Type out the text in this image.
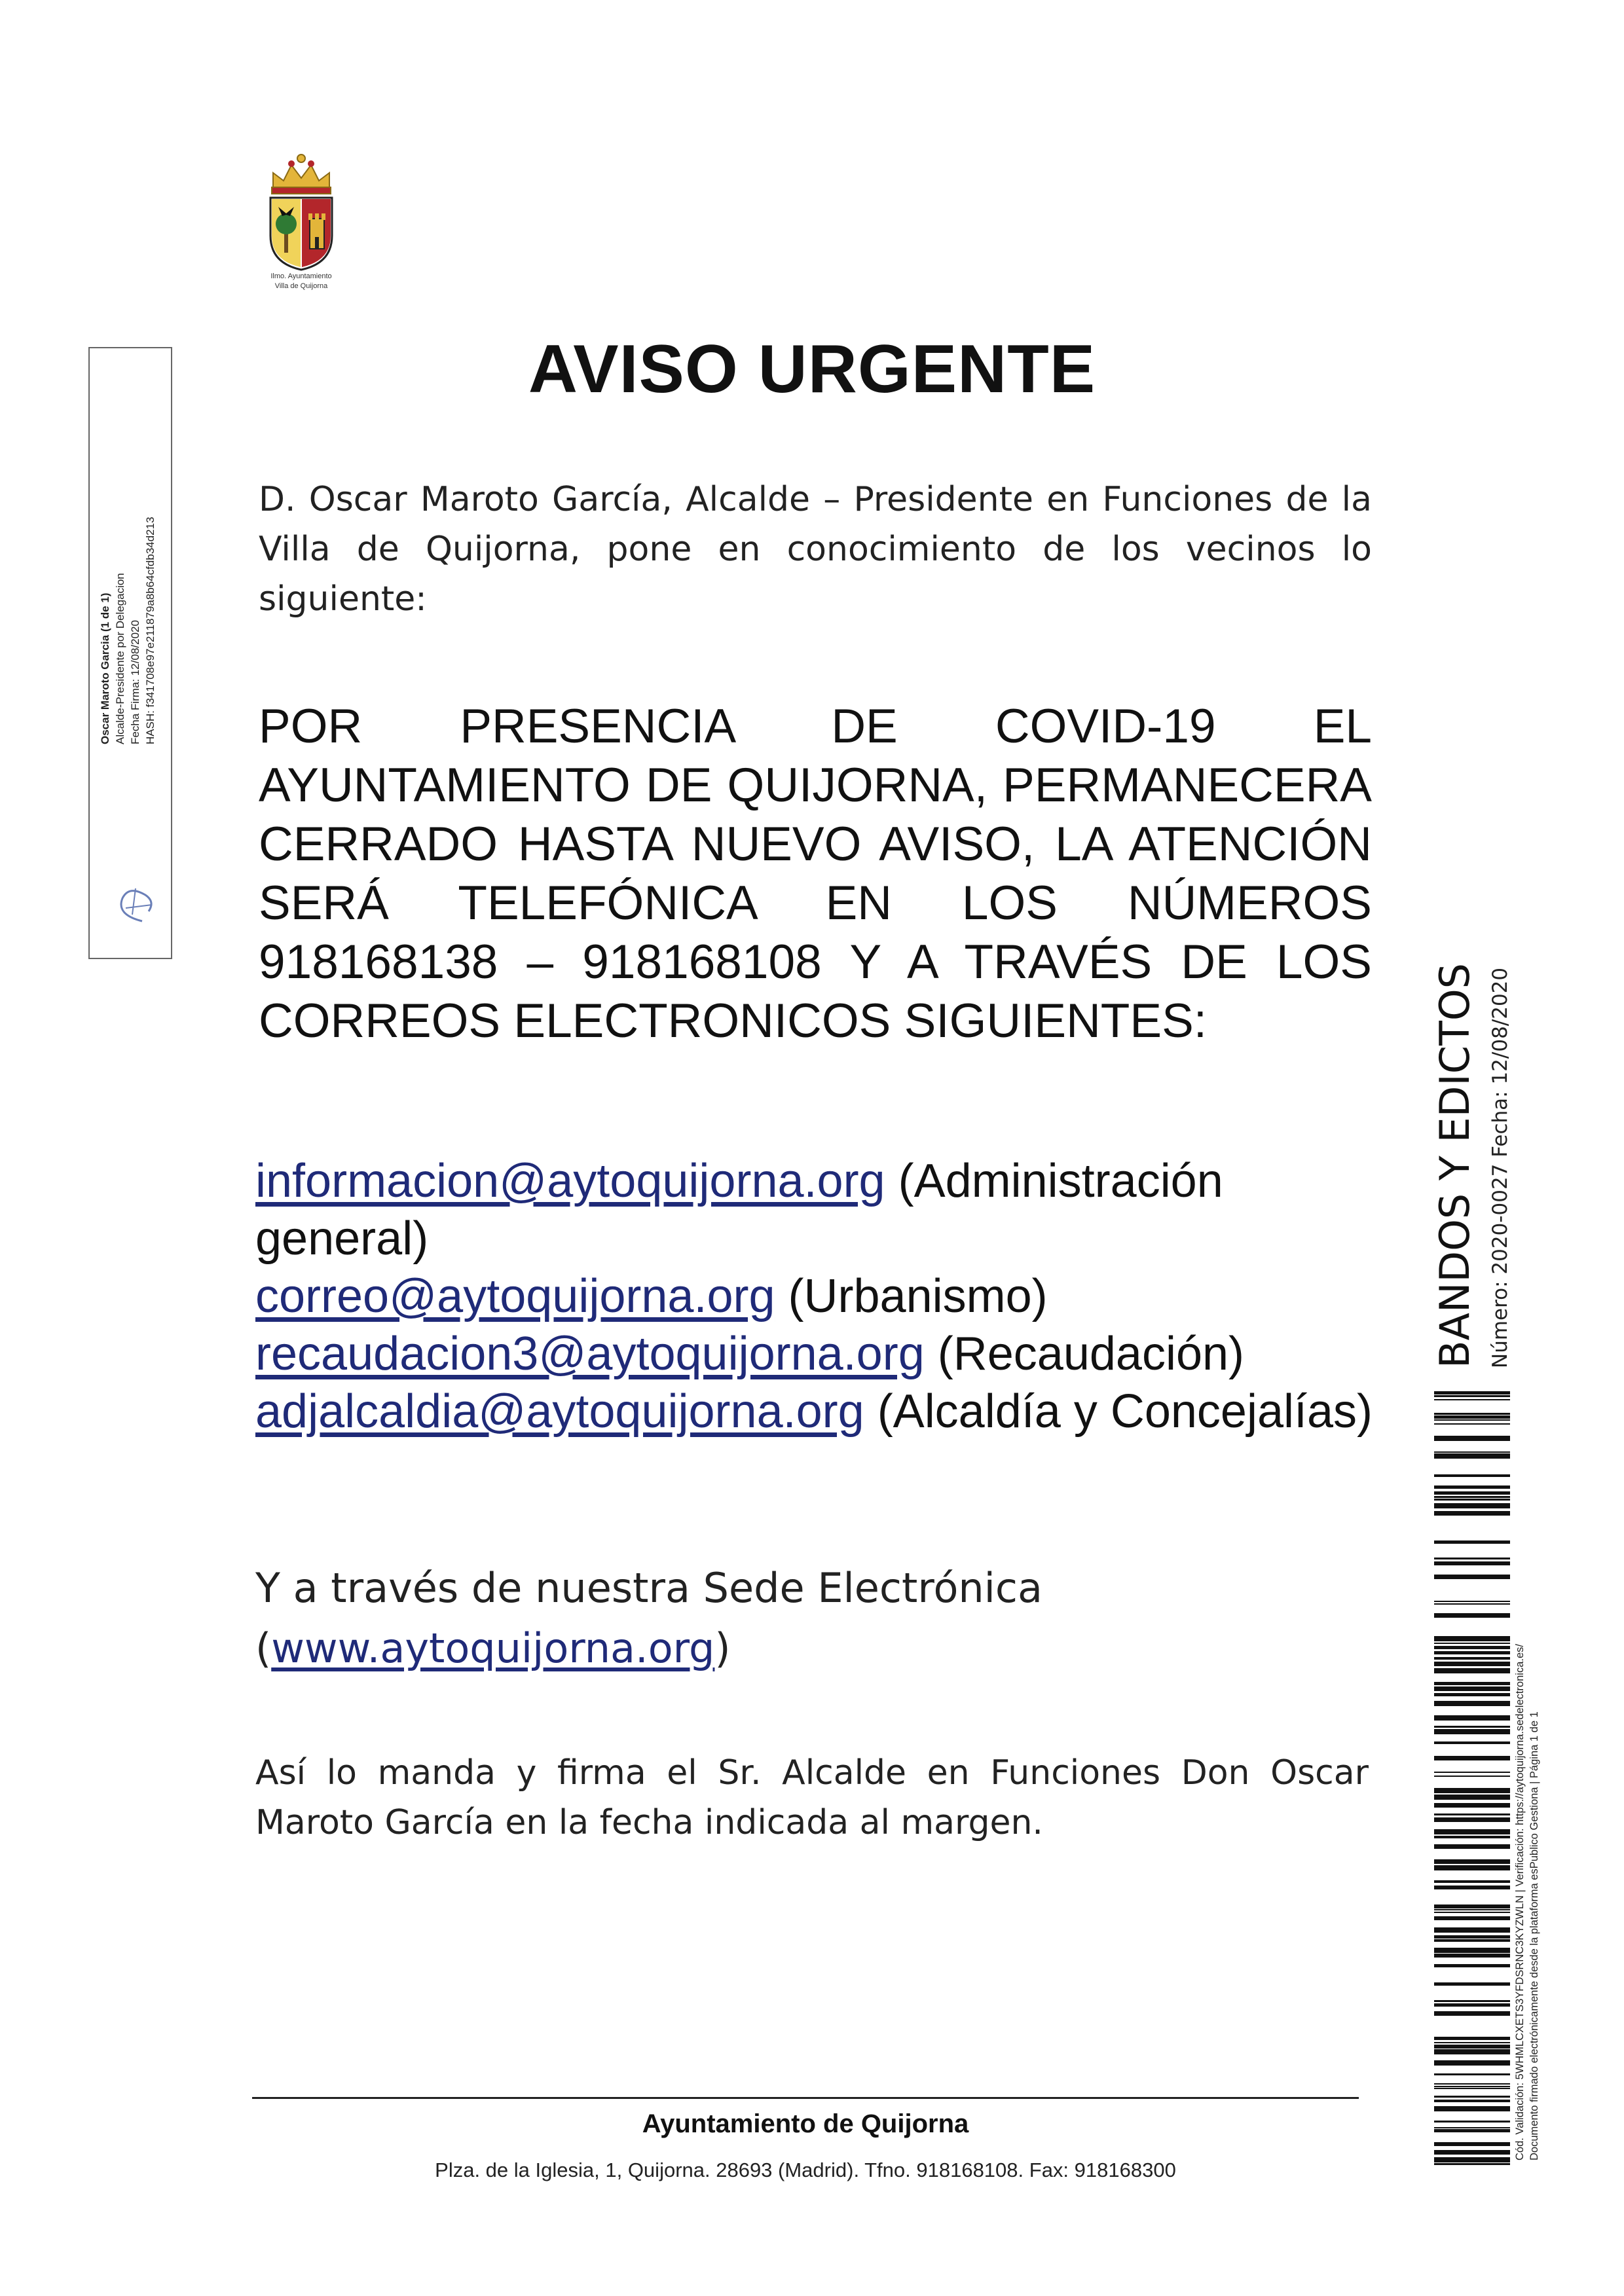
Ilmo. Ayuntamiento
Villa de Quijorna
Oscar Maroto Garcia (1 de 1) Alcalde-Presidente por Delegacion Fecha Firma: 12/08/2020 HASH: f341708e97e211879a8b64cfdb34d213
AVISO URGENTE
D. Oscar Maroto García, Alcalde – Presidente en Funciones de la Villa de Quijorna, pone en conocimiento de los vecinos lo siguiente:
POR PRESENCIA DE COVID-19 EL AYUNTAMIENTO DE QUIJORNA, PERMANECERA CERRADO HASTA NUEVO AVISO, LA ATENCIÓN SERÁ TELEFÓNICA EN LOS NÚMEROS 918168138 – 918168108 Y A TRAVÉS DE LOS CORREOS ELECTRONICOS SIGUIENTES:
informacion@aytoquijorna.org (Administración general)
correo@aytoquijorna.org (Urbanismo)
recaudacion3@aytoquijorna.org (Recaudación)
adjalcaldia@aytoquijorna.org (Alcaldía y Concejalías)
Y a través de nuestra Sede Electrónica
(www.aytoquijorna.org)
Así lo manda y firma el Sr. Alcalde en Funciones Don Oscar Maroto García en la fecha indicada al margen.
Ayuntamiento de Quijorna
Plza. de la Iglesia, 1, Quijorna. 28693 (Madrid). Tfno. 918168108. Fax: 918168300
BANDOS Y EDICTOS Número: 2020-0027 Fecha: 12/08/2020
Cód. Validación: 5WHMLCXETS3YFDSRNC3KYZWLN | Verificación: https://aytoquijorna.sedelectronica.es/ Documento firmado electrónicamente desde la plataforma esPublico Gestiona | Página 1 de 1
